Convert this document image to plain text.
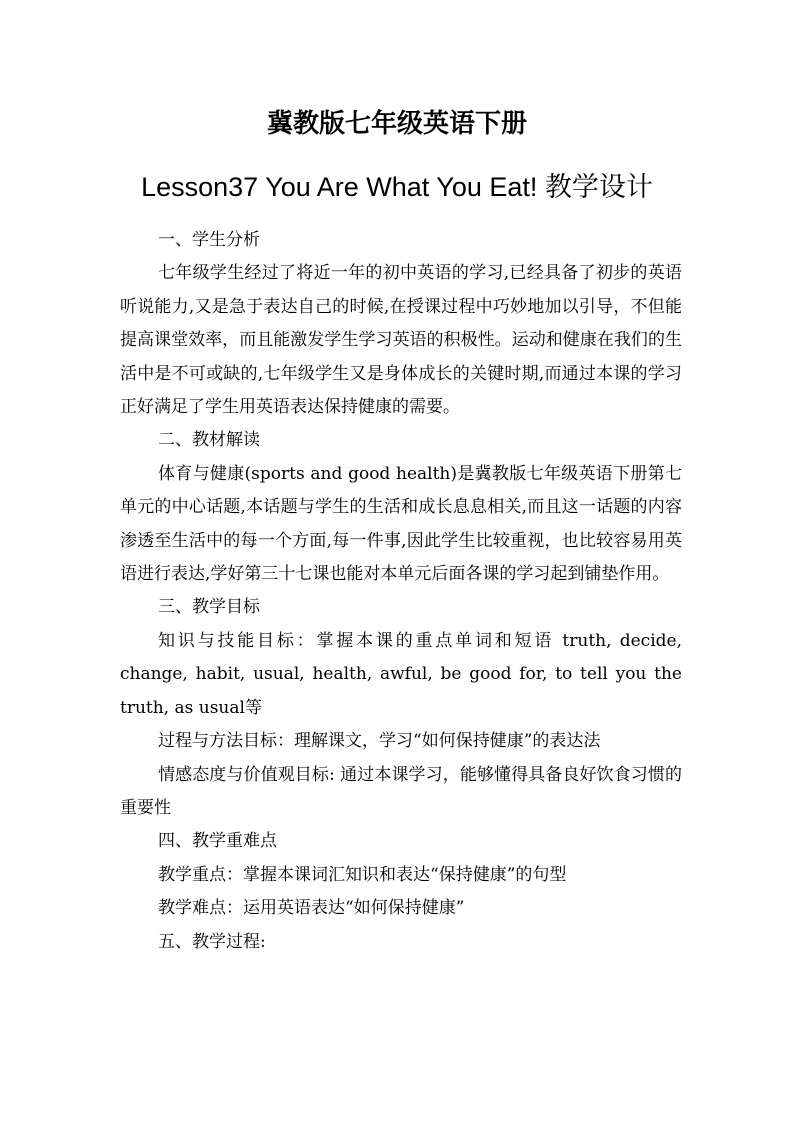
冀教版七年级英语下册
Lesson37 You Are What You Eat! 教学设计

一、学生分析

七年级学生经过了将近一年的初中英语的学习,已经具备了初步的英语听说能力,又是急于表达自己的时候,在授课过程中巧妙地加以引导，不但能提高课堂效率，而且能激发学生学习英语的积极性。运动和健康在我们的生活中是不可或缺的,七年级学生又是身体成长的关键时期,而通过本课的学习正好满足了学生用英语表达保持健康的需要。

二、教材解读

体育与健康(sports and good health)是冀教版七年级英语下册第七单元的中心话题,本话题与学生的生活和成长息息相关,而且这一话题的内容渗透至生活中的每一个方面,每一件事,因此学生比较重视，也比较容易用英语进行表达,学好第三十七课也能对本单元后面各课的学习起到铺垫作用。

三、教学目标

知识与技能目标：掌握本课的重点单词和短语 truth, decide, change, habit, usual, health, awful, be good for, to tell you the truth, as usual等

过程与方法目标：理解课文，学习“如何保持健康”的表达法

情感态度与价值观目标: 通过本课学习，能够懂得具备良好饮食习惯的重要性

四、教学重难点

教学重点：掌握本课词汇知识和表达“保持健康”的句型

教学难点：运用英语表达“如何保持健康”

五、教学过程:
